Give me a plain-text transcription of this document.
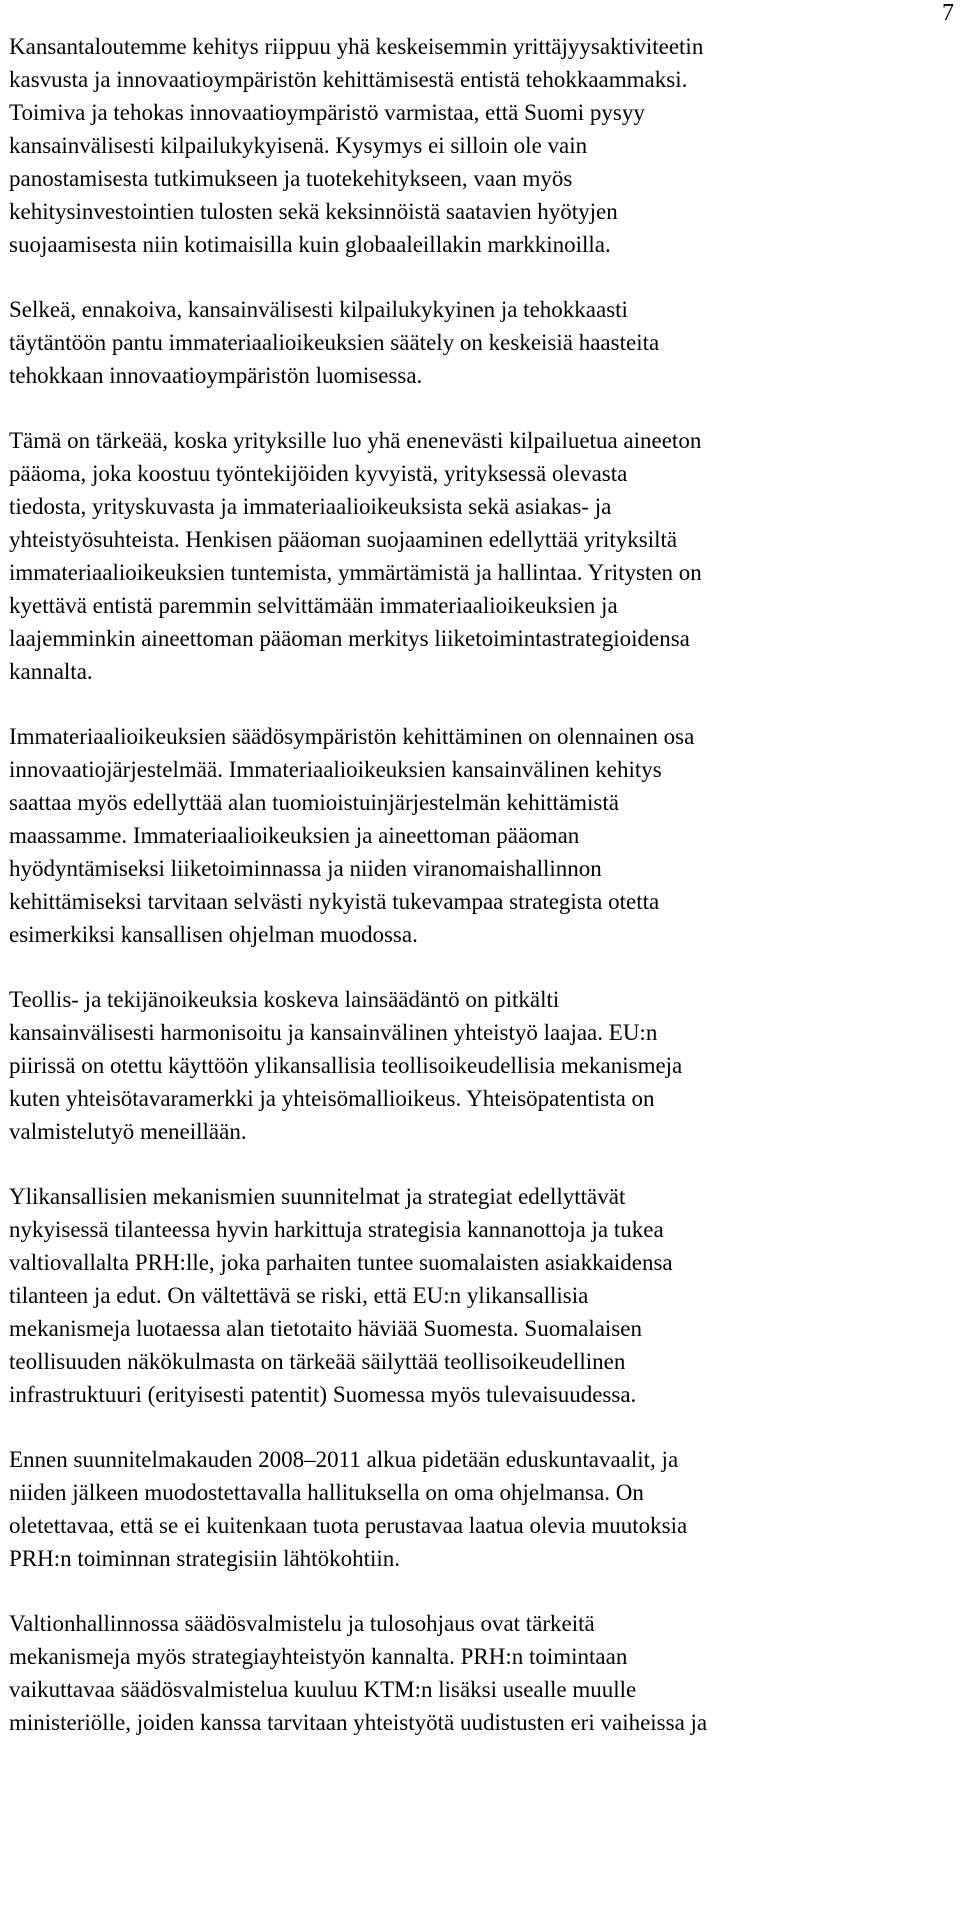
7

Kansantaloutemme kehitys riippuu yhä keskeisemmin yrittäjyysaktiviteetin
kasvusta ja innovaatioympäristön kehittämisestä entistä tehokkaammaksi.
Toimiva ja tehokas innovaatioympäristö varmistaa, että Suomi pysyy
kansainvälisesti kilpailukykyisenä. Kysymys ei silloin ole vain
panostamisesta tutkimukseen ja tuotekehitykseen, vaan myös
kehitysinvestointien tulosten sekä keksinnöistä saatavien hyötyjen
suojaamisesta niin kotimaisilla kuin globaaleillakin markkinoilla.

Selkeä, ennakoiva, kansainvälisesti kilpailukykyinen ja tehokkaasti
täytäntöön pantu immateriaalioikeuksien säätely on keskeisiä haasteita
tehokkaan innovaatioympäristön luomisessa.

Tämä on tärkeää, koska yrityksille luo yhä enenevästi kilpailuetua aineeton
pääoma, joka koostuu työntekijöiden kyvyistä, yrityksessä olevasta
tiedosta, yrityskuvasta ja immateriaalioikeuksista sekä asiakas- ja
yhteistyösuhteista. Henkisen pääoman suojaaminen edellyttää yrityksiltä
immateriaalioikeuksien tuntemista, ymmärtämistä ja hallintaa. Yritysten on
kyettävä entistä paremmin selvittämään immateriaalioikeuksien ja
laajemminkin aineettoman pääoman merkitys liiketoimintastrategioidensa
kannalta.

Immateriaalioikeuksien säädösympäristön kehittäminen on olennainen osa
innovaatiojärjestelmää. Immateriaalioikeuksien kansainvälinen kehitys
saattaa myös edellyttää alan tuomioistuinjärjestelmän kehittämistä
maassamme. Immateriaalioikeuksien ja aineettoman pääoman
hyödyntämiseksi liiketoiminnassa ja niiden viranomaishallinnon
kehittämiseksi tarvitaan selvästi nykyistä tukevampaa strategista otetta
esimerkiksi kansallisen ohjelman muodossa.

Teollis- ja tekijänoikeuksia koskeva lainsäädäntö on pitkälti
kansainvälisesti harmonisoitu ja kansainvälinen yhteistyö laajaa. EU:n
piirissä on otettu käyttöön ylikansallisia teollisoikeudellisia mekanismeja
kuten yhteisötavaramerkki ja yhteisömallioikeus. Yhteisöpatentista on
valmistelutyö meneillään.

Ylikansallisien mekanismien suunnitelmat ja strategiat edellyttävät
nykyisessä tilanteessa hyvin harkittuja strategisia kannanottoja ja tukea
valtiovallalta PRH:lle, joka parhaiten tuntee suomalaisten asiakkaidensa
tilanteen ja edut. On vältettävä se riski, että EU:n ylikansallisia
mekanismeja luotaessa alan tietotaito häviää Suomesta. Suomalaisen
teollisuuden näkökulmasta on tärkeää säilyttää teollisoikeudellinen
infrastruktuuri (erityisesti patentit) Suomessa myös tulevaisuudessa.

Ennen suunnitelmakauden 2008–2011 alkua pidetään eduskuntavaalit, ja
niiden jälkeen muodostettavalla hallituksella on oma ohjelmansa. On
oletettavaa, että se ei kuitenkaan tuota perustavaa laatua olevia muutoksia
PRH:n toiminnan strategisiin lähtökohtiin.

Valtionhallinnossa säädösvalmistelu ja tulosohjaus ovat tärkeitä
mekanismeja myös strategiayhteistyön kannalta. PRH:n toimintaan
vaikuttavaa säädösvalmistelua kuuluu KTM:n lisäksi usealle muulle
ministeriölle, joiden kanssa tarvitaan yhteistyötä uudistusten eri vaiheissa ja
